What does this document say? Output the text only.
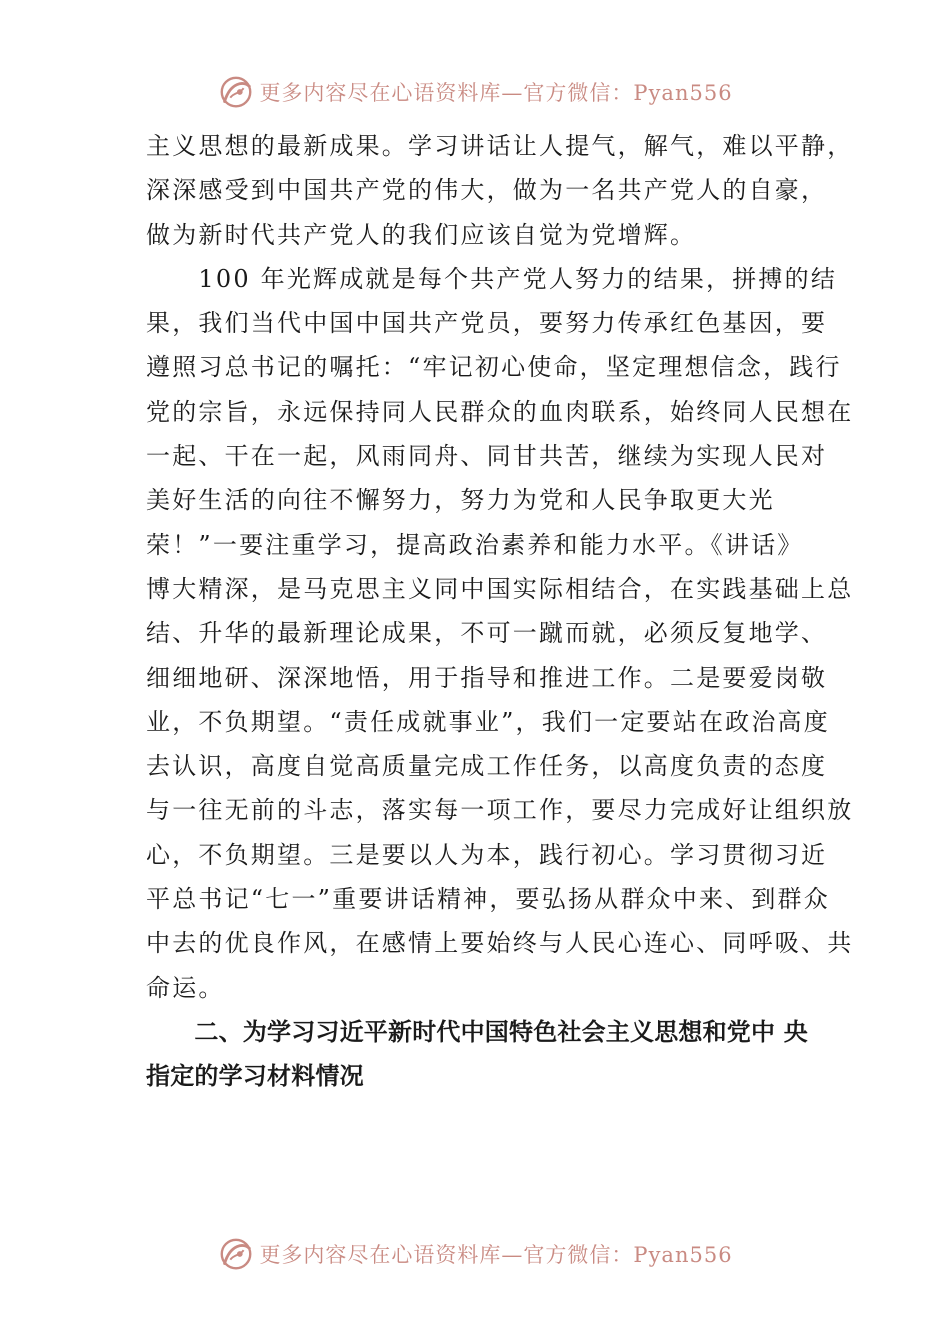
更多内容尽在心语资料库—官方微信：Pyan556
主义思想的最新成果。学习讲话让人提气，解气，难以平静，
深深感受到中国共产党的伟大，做为一名共产党人的自豪，
做为新时代共产党人的我们应该自觉为党增辉。
　　100 年光辉成就是每个共产党人努力的结果，拼搏的结
果，我们当代中国中国共产党员，要努力传承红色基因，要
遵照习总书记的嘱托：“牢记初心使命，坚定理想信念，践行
党的宗旨，永远保持同人民群众的血肉联系，始终同人民想在
一起、干在一起，风雨同舟、同甘共苦，继续为实现人民对
美好生活的向往不懈努力，努力为党和人民争取更大光
荣！”一要注重学习，提高政治素养和能力水平。《讲话》
博大精深，是马克思主义同中国实际相结合，在实践基础上总
结、升华的最新理论成果，不可一蹴而就，必须反复地学、
细细地研、深深地悟，用于指导和推进工作。二是要爱岗敬
业，不负期望。“责任成就事业”，我们一定要站在政治高度
去认识，高度自觉高质量完成工作任务，以高度负责的态度
与一往无前的斗志，落实每一项工作，要尽力完成好让组织放
心，不负期望。三是要以人为本，践行初心。学习贯彻习近
平总书记“七一”重要讲话精神，要弘扬从群众中来、到群众
中去的优良作风，在感情上要始终与人民心连心、同呼吸、共
命运。
　　二、为学习习近平新时代中国特色社会主义思想和党中 央
指定的学习材料情况
更多内容尽在心语资料库—官方微信：Pyan556
